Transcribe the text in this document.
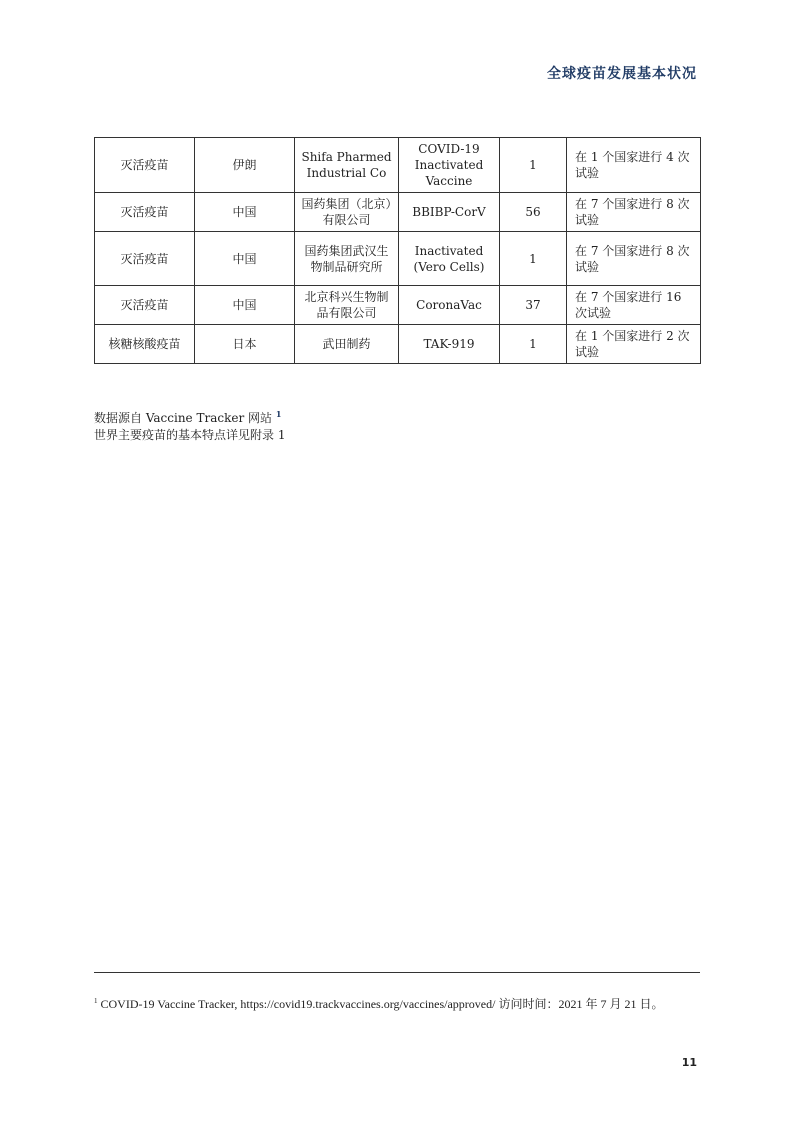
全球疫苗发展基本状况
灭活疫苗	伊朗	Shifa Pharmed Industrial Co	COVID-19 Inactivated Vaccine	1	在 1 个国家进行 4 次试验
灭活疫苗	中国	国药集团（北京）有限公司	BBIBP-CorV	56	在 7 个国家进行 8 次试验
灭活疫苗	中国	国药集团武汉生物制品研究所	Inactivated (Vero Cells)	1	在 7 个国家进行 8 次试验
灭活疫苗	中国	北京科兴生物制品有限公司	CoronaVac	37	在 7 个国家进行 16 次试验
核糖核酸疫苗	日本	武田制药	TAK-919	1	在 1 个国家进行 2 次试验
数据源自 Vaccine Tracker 网站 $^1$
世界主要疫苗的基本特点详见附录 1
$^1$ COVID-19 Vaccine Tracker, https://covid19.trackvaccines.org/vaccines/approved/ 访问时间：2021 年 7 月 21 日。
11
